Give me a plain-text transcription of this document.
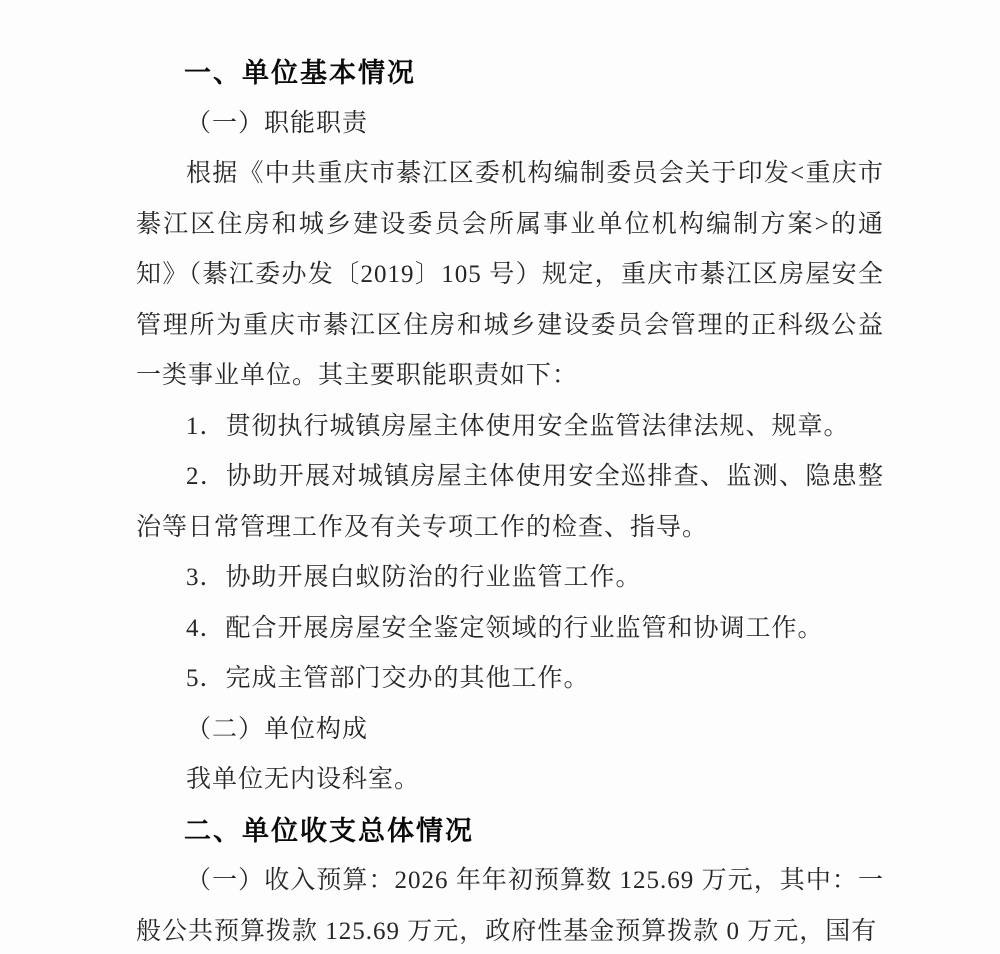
一、单位基本情况

（一）职能职责

根据《中共重庆市綦江区委机构编制委员会关于印发<重庆市綦江区住房和城乡建设委员会所属事业单位机构编制方案>的通知》（綦江委办发〔2019〕105 号）规定，重庆市綦江区房屋安全管理所为重庆市綦江区住房和城乡建设委员会管理的正科级公益一类事业单位。其主要职能职责如下：

1．贯彻执行城镇房屋主体使用安全监管法律法规、规章。

2．协助开展对城镇房屋主体使用安全巡排查、监测、隐患整治等日常管理工作及有关专项工作的检查、指导。

3．协助开展白蚁防治的行业监管工作。

4．配合开展房屋安全鉴定领域的行业监管和协调工作。

5．完成主管部门交办的其他工作。

（二）单位构成

我单位无内设科室。

二、单位收支总体情况

（一）收入预算：2026 年年初预算数 125.69 万元，其中：一般公共预算拨款 125.69 万元，政府性基金预算拨款 0 万元，国有
